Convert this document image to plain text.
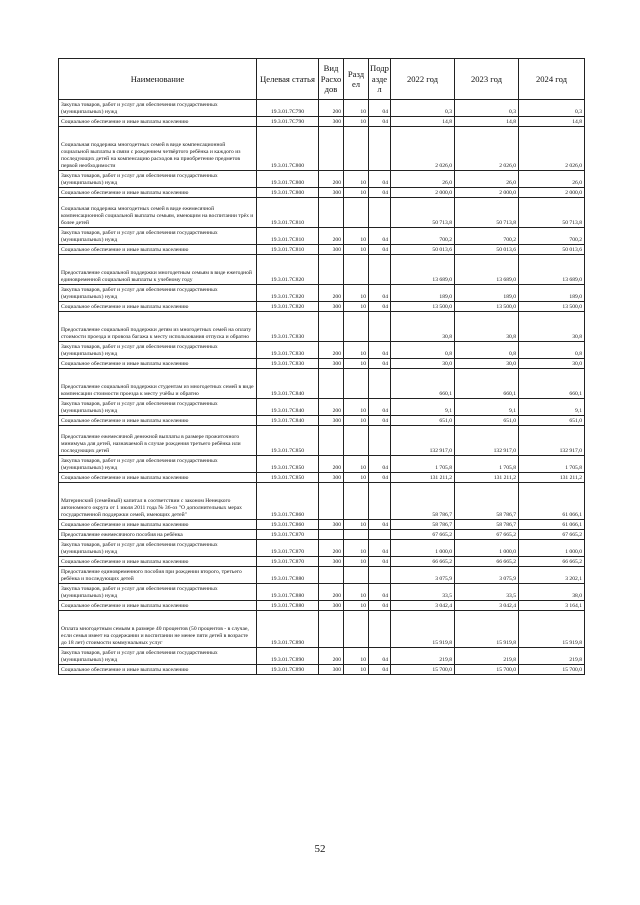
Наименование	Целевая статья	Вид Расхо дов	Разд ел	Подр азде л	2022 год	2023 год	2024 год
Закупка товаров, работ и услуг для обеспечения государственных (муниципальных) нужд	19.3.01.7С790	200	10	04	0,3	0,3	0,3
Социальное обеспечение и иные выплаты населению	19.3.01.7С790	300	10	04	14,8	14,8	14,8
Социальная поддержка многодетных семей в виде компенсационной социальной выплаты в связи с рождением четвёртого ребёнка и каждого из последующих детей на компенсацию расходов на приобретение предметов первой необходимости	19.3.01.7С800				2 026,0	2 026,0	2 026,0
Закупка товаров, работ и услуг для обеспечения государственных (муниципальных) нужд	19.3.01.7С800	200	10	04	26,0	26,0	26,0
Социальное обеспечение и иные выплаты населению	19.3.01.7С800	300	10	04	2 000,0	2 000,0	2 000,0
Социальная поддержка многодетных семей в виде ежемесячной компенсационной социальной выплаты семьям, имеющим на воспитании трёх и более детей	19.3.01.7С810				50 713,8	50 713,8	50 713,8
Закупка товаров, работ и услуг для обеспечения государственных (муниципальных) нужд	19.3.01.7С810	200	10	04	700,2	700,2	700,2
Социальное обеспечение и иные выплаты населению	19.3.01.7С810	300	10	04	50 013,6	50 013,6	50 013,6
Предоставление социальной поддержки многодетным семьям в виде ежегодной единовременной социальной выплаты к учебному году	19.3.01.7С820				13 689,0	13 689,0	13 689,0
Закупка товаров, работ и услуг для обеспечения государственных (муниципальных) нужд	19.3.01.7С820	200	10	04	189,0	189,0	189,0
Социальное обеспечение и иные выплаты населению	19.3.01.7С820	300	10	04	13 500,0	13 500,0	13 500,0
Предоставление социальной поддержки детям из многодетных семей на оплату стоимости проезда и провоза багажа к месту использования отпуска и обратно	19.3.01.7С830				30,8	30,8	30,8
Закупка товаров, работ и услуг для обеспечения государственных (муниципальных) нужд	19.3.01.7С830	200	10	04	0,8	0,8	0,8
Социальное обеспечение и иные выплаты населению	19.3.01.7С830	300	10	04	30,0	30,0	30,0
Предоставление социальной поддержки студентам из многодетных семей в виде компенсации стоимости проезда к месту учёбы и обратно	19.3.01.7С840				660,1	660,1	660,1
Закупка товаров, работ и услуг для обеспечения государственных (муниципальных) нужд	19.3.01.7С840	200	10	04	9,1	9,1	9,1
Социальное обеспечение и иные выплаты населению	19.3.01.7С840	300	10	04	651,0	651,0	651,0
Предоставление ежемесячной денежной выплаты в размере прожиточного минимума для детей, назначаемой в случае рождения третьего ребёнка или последующих детей	19.3.01.7С850				132 917,0	132 917,0	132 917,0
Закупка товаров, работ и услуг для обеспечения государственных (муниципальных) нужд	19.3.01.7С850	200	10	04	1 705,8	1 705,8	1 705,8
Социальное обеспечение и иные выплаты населению	19.3.01.7С850	300	10	04	131 211,2	131 211,2	131 211,2
Материнский (семейный) капитал в соответствии с законом Ненецкого автономного округа от 1 июля 2011 года № 36-оз "О дополнительных мерах государственной поддержки семей, имеющих детей"	19.3.01.7С860				58 786,7	58 786,7	61 066,1
Социальное обеспечение и иные выплаты населению	19.3.01.7С860	300	10	04	58 786,7	58 786,7	61 066,1
Предоставление ежемесячного пособия на ребёнка	19.3.01.7С870				67 665,2	67 665,2	67 665,2
Закупка товаров, работ и услуг для обеспечения государственных (муниципальных) нужд	19.3.01.7С870	200	10	04	1 000,0	1 000,0	1 000,0
Социальное обеспечение и иные выплаты населению	19.3.01.7С870	300	10	04	66 665,2	66 665,2	66 665,2
Предоставление единовременного пособия при рождении второго, третьего ребёнка и последующих детей	19.3.01.7С880				3 075,9	3 075,9	3 202,1
Закупка товаров, работ и услуг для обеспечения государственных (муниципальных) нужд	19.3.01.7С880	200	10	04	33,5	33,5	38,0
Социальное обеспечение и иные выплаты населению	19.3.01.7С880	300	10	04	3 042,4	3 042,4	3 164,1
Оплата многодетным семьям в размере 40 процентов (50 процентов - в случае, если семья имеет на содержании и воспитании не менее пяти детей в возрасте до 18 лет) стоимости коммунальных услуг	19.3.01.7С890				15 919,8	15 919,8	15 919,8
Закупка товаров, работ и услуг для обеспечения государственных (муниципальных) нужд	19.3.01.7С890	200	10	04	219,8	219,8	219,8
Социальное обеспечение и иные выплаты населению	19.3.01.7С890	300	10	04	15 700,0	15 700,0	15 700,0
52
